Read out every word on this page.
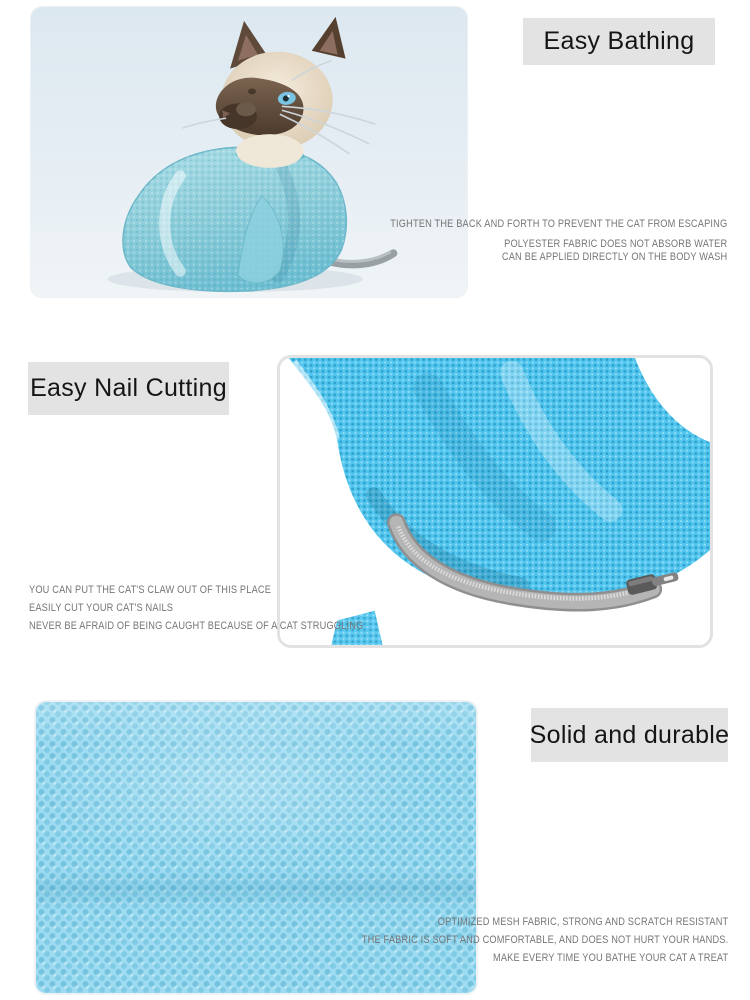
Easy Bathing
TIGHTEN THE BACK AND FORTH TO PREVENT THE CAT FROM ESCAPING
POLYESTER FABRIC DOES NOT ABSORB WATER
CAN BE APPLIED DIRECTLY ON THE BODY WASH
Easy Nail Cutting
YOU CAN PUT THE CAT'S CLAW OUT OF THIS PLACE
EASILY CUT YOUR CAT'S NAILS
NEVER BE AFRAID OF BEING CAUGHT BECAUSE OF A CAT STRUGGLING
Solid and durable
OPTIMIZED MESH FABRIC, STRONG AND SCRATCH RESISTANT
THE FABRIC IS SOFT AND COMFORTABLE, AND DOES NOT HURT YOUR HANDS.
MAKE EVERY TIME YOU BATHE YOUR CAT A TREAT
